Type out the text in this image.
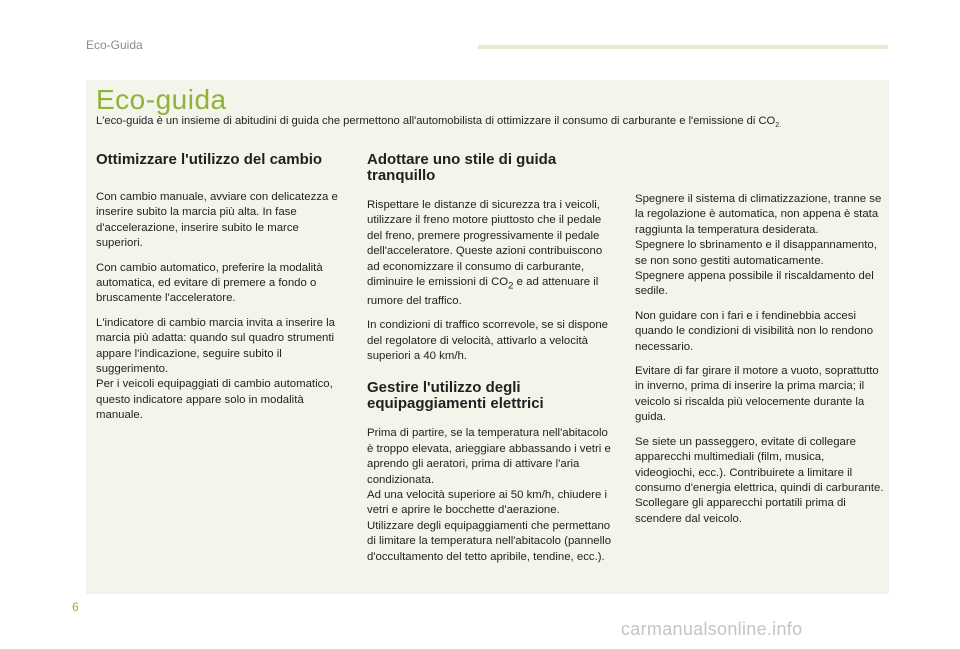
Eco-Guida
Eco-guida
L'eco-guida è un insieme di abitudini di guida che permettono all'automobilista di ottimizzare il consumo di carburante e l'emissione di $CO_{2.}$
Ottimizzare l'utilizzo del cambio

Con cambio manuale, avviare con delicatezza e inserire subito la marcia più alta. In fase d'accelerazione, inserire subito le marce superiori.

Con cambio automatico, preferire la modalità automatica, ed evitare di premere a fondo o bruscamente l'acceleratore.

L'indicatore di cambio marcia invita a inserire la marcia più adatta: quando sul quadro strumenti appare l'indicazione, seguire subito il suggerimento.
Per i veicoli equipaggiati di cambio automatico, questo indicatore appare solo in modalità manuale.

Adottare uno stile di guida tranquillo

Rispettare le distanze di sicurezza tra i veicoli, utilizzare il freno motore piuttosto che il pedale del freno, premere progressivamente il pedale dell'acceleratore. Queste azioni contribuiscono ad economizzare il consumo di carburante, diminuire le emissioni di $CO_2$ e ad attenuare il rumore del traffico.

In condizioni di traffico scorrevole, se si dispone del regolatore di velocità, attivarlo a velocità superiori a 40 km/h.

Gestire l'utilizzo degli equipaggiamenti elettrici

Prima di partire, se la temperatura nell'abitacolo è troppo elevata, arieggiare abbassando i vetri e aprendo gli aeratori, prima di attivare l'aria condizionata.
Ad una velocità superiore ai 50 km/h, chiudere i vetri e aprire le bocchette d'aerazione.
Utilizzare degli equipaggiamenti che permettano di limitare la temperatura nell'abitacolo (pannello d'occultamento del tetto apribile, tendine, ecc.).

Spegnere il sistema di climatizzazione, tranne se la regolazione è automatica, non appena è stata raggiunta la temperatura desiderata.
Spegnere lo sbrinamento e il disappannamento, se non sono gestiti automaticamente.
Spegnere appena possibile il riscaldamento del sedile.

Non guidare con i fari e i fendinebbia accesi quando le condizioni di visibilità non lo rendono necessario.

Evitare di far girare il motore a vuoto, soprattutto in inverno, prima di inserire la prima marcia; il veicolo si riscalda più velocemente durante la guida.

Se siete un passeggero, evitate di collegare apparecchi multimediali (film, musica, videogiochi, ecc.). Contribuirete a limitare il consumo d'energia elettrica, quindi di carburante.
Scollegare gli apparecchi portatili prima di scendere dal veicolo.

6
carmanualsonline.info
